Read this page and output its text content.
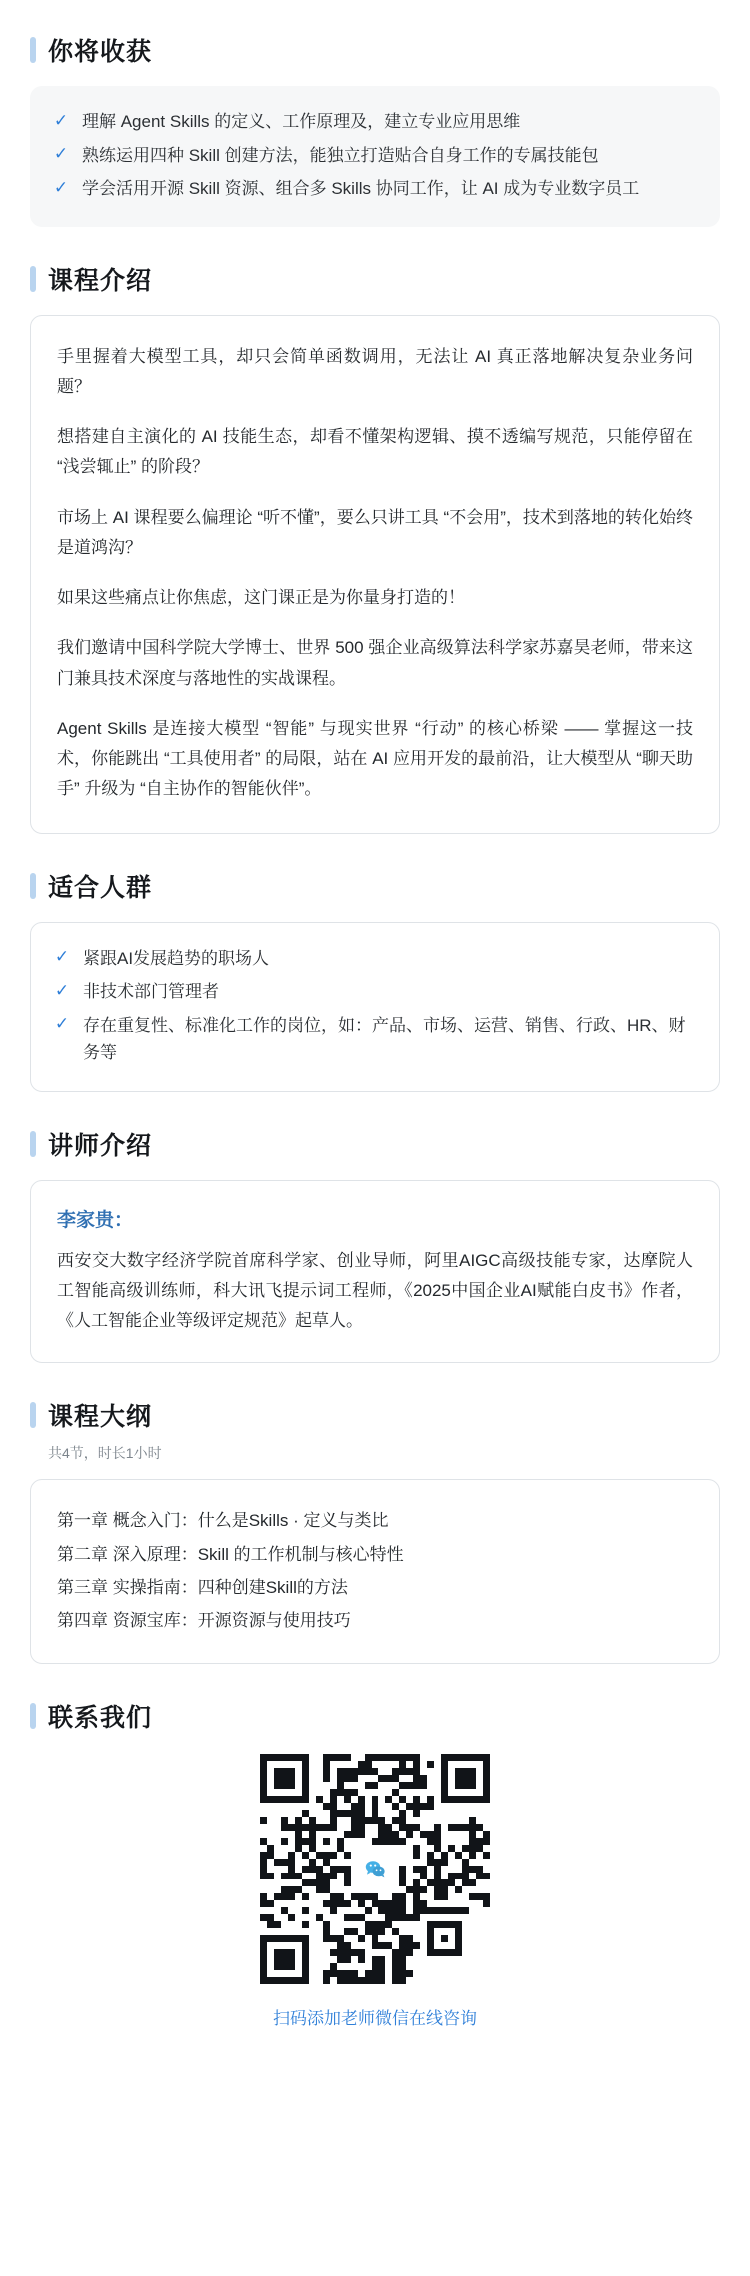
你将收获
✓ 理解 Agent Skills 的定义、工作原理及，建立专业应用思维
✓ 熟练运用四种 Skill 创建方法，能独立打造贴合自身工作的专属技能包
✓ 学会活用开源 Skill 资源、组合多 Skills 协同工作，让 AI 成为专业数字员工
课程介绍

手里握着大模型工具，却只会简单函数调用，无法让 AI 真正落地解决复杂业务问题？

想搭建自主演化的 AI 技能生态，却看不懂架构逻辑、摸不透编写规范，只能停留在 “浅尝辄止” 的阶段？

市场上 AI 课程要么偏理论 “听不懂”，要么只讲工具 “不会用”，技术到落地的转化始终是道鸿沟？

如果这些痛点让你焦虑，这门课正是为你量身打造的！

我们邀请中国科学院大学博士、世界 500 强企业高级算法科学家苏嘉昊老师，带来这门兼具技术深度与落地性的实战课程。

Agent Skills 是连接大模型 “智能” 与现实世界 “行动” 的核心桥梁 —— 掌握这一技术，你能跳出 “工具使用者” 的局限，站在 AI 应用开发的最前沿，让大模型从 “聊天助手” 升级为 “自主协作的智能伙伴”。

适合人群
✓ 紧跟AI发展趋势的职场人
✓ 非技术部门管理者
✓ 存在重复性、标准化工作的岗位，如：产品、市场、运营、销售、行政、HR、财务等
讲师介绍
李家贵：
西安交大数字经济学院首席科学家、创业导师，阿里AIGC高级技能专家，达摩院人工智能高级训练师，科大讯飞提示词工程师，《2025中国企业AI赋能白皮书》作者，《人工智能企业等级评定规范》起草人。
课程大纲
共4节，时长1小时
第一章 概念入门：什么是Skills · 定义与类比
第二章 深入原理：Skill 的工作机制与核心特性
第三章 实操指南：四种创建Skill的方法
第四章 资源宝库：开源资源与使用技巧
联系我们
扫码添加老师微信在线咨询
